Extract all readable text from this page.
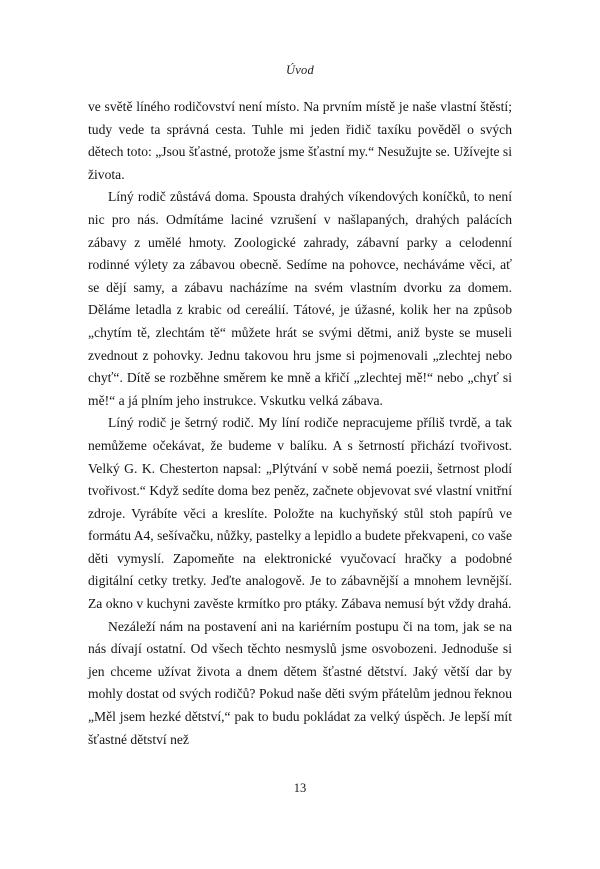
Úvod

ve světě líného rodičovství není místo. Na prvním místě je naše vlastní štěstí; tudy vede ta správná cesta. Tuhle mi jeden řidič taxíku pověděl o svých dětech toto: „Jsou šťastné, protože jsme šťastní my.“ Nesužujte se. Užívejte si života.

Líný rodič zůstává doma. Spousta drahých víkendových koníčků, to není nic pro nás. Odmítáme laciné vzrušení v našlapaných, drahých palácích zábavy z umělé hmoty. Zoologické zahrady, zábavní parky a celodenní rodinné výlety za zábavou obecně. Sedíme na pohovce, necháváme věci, ať se dějí samy, a zábavu nacházíme na svém vlastním dvorku za domem. Děláme letadla z krabic od cereálií. Tátové, je úžasné, kolik her na způsob „chytím tě, zlechtám tě“ můžete hrát se svými dětmi, aniž byste se museli zvednout z pohovky. Jednu takovou hru jsme si pojmenovali „zlechtej nebo chyť“. Dítě se rozběhne směrem ke mně a křičí „zlechtej mě!“ nebo „chyť si mě!“ a já plním jeho instrukce. Vskutku velká zábava.

Líný rodič je šetrný rodič. My líní rodiče nepracujeme příliš tvrdě, a tak nemůžeme očekávat, že budeme v balíku. A s šetrností přichází tvořivost. Velký G. K. Chesterton napsal: „Plýtvání v sobě nemá poezii, šetrnost plodí tvořivost.“ Když sedíte doma bez peněz, začnete objevovat své vlastní vnitřní zdroje. Vyrábíte věci a kreslíte. Položte na kuchyňský stůl stoh papírů ve formátu A4, sešívačku, nůžky, pastelky a lepidlo a budete překvapeni, co vaše děti vymyslí. Zapomeňte na elektronické vyučovací hračky a podobné digitální cetky tretky. Jeďte analogově. Je to zábavnější a mnohem levnější. Za okno v kuchyni zavěste krmítko pro ptáky. Zábava nemusí být vždy drahá.

Nezáleží nám na postavení ani na kariérním postupu či na tom, jak se na nás dívají ostatní. Od všech těchto nesmyslů jsme osvobozeni. Jednoduše si jen chceme užívat života a dnem dětem šťastné dětství. Jaký větší dar by mohly dostat od svých rodičů? Pokud naše děti svým přátelům jednou řeknou „Měl jsem hezké dětství,“ pak to budu pokládat za velký úspěch. Je lepší mít šťastné dětství než

13
